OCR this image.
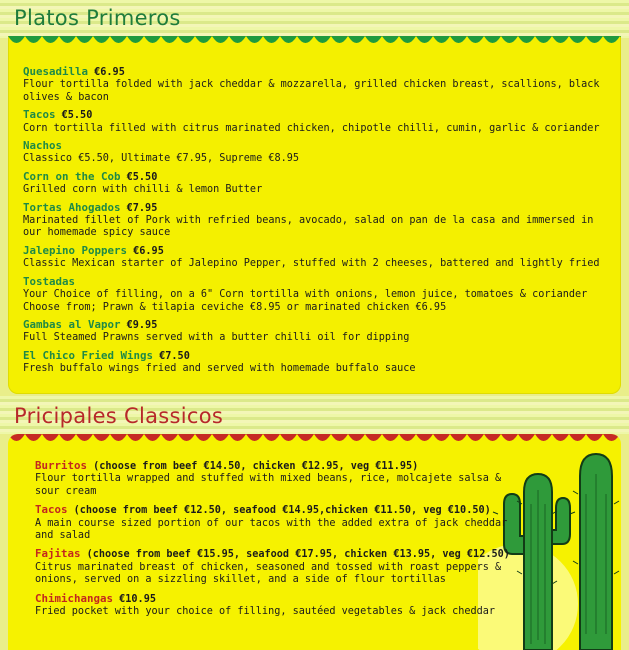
Platos Primeros

Quesadilla €6.95

Flour tortilla folded with jack cheddar & mozzarella, grilled chicken breast, scallions, black olives & bacon

Tacos €5.50

Corn tortilla filled with citrus marinated chicken, chipotle chilli, cumin, garlic & coriander

Nachos

Classico €5.50, Ultimate €7.95, Supreme €8.95

Corn on the Cob €5.50

Grilled corn with chilli & lemon Butter

Tortas Ahogados €7.95

Marinated fillet of Pork with refried beans, avocado, salad on pan de la casa and immersed in our homemade spicy sauce

Jalepino Poppers €6.95

Classic Mexican starter of Jalepino Pepper, stuffed with 2 cheeses, battered and lightly fried

Tostadas

Your Choice of filling, on a 6" Corn tortilla with onions, lemon juice, tomatoes & coriander

Choose from; Prawn & tilapia ceviche €8.95 or marinated chicken €6.95

Gambas al Vapor €9.95

Full Steamed Prawns served with a butter chilli oil for dipping

El Chico Fried Wings €7.50

Fresh buffalo wings fried and served with homemade buffalo sauce

Pricipales Classicos

Burritos (choose from beef €14.50, chicken €12.95, veg €11.95)

Flour tortilla wrapped and stuffed with mixed beans, rice, molcajete salsa & sour cream

Tacos (choose from beef €12.50, seafood €14.95,chicken €11.50, veg €10.50)

A main course sized portion of our tacos with the added extra of jack cheddar and salad

Fajitas (choose from beef €15.95, seafood €17.95, chicken €13.95, veg €12.50)

Citrus marinated breast of chicken, seasoned and tossed with roast peppers & onions, served on a sizzling skillet, and a side of flour tortillas

Chimichangas €10.95

Fried pocket with your choice of filling, sautéed vegetables & jack cheddar
